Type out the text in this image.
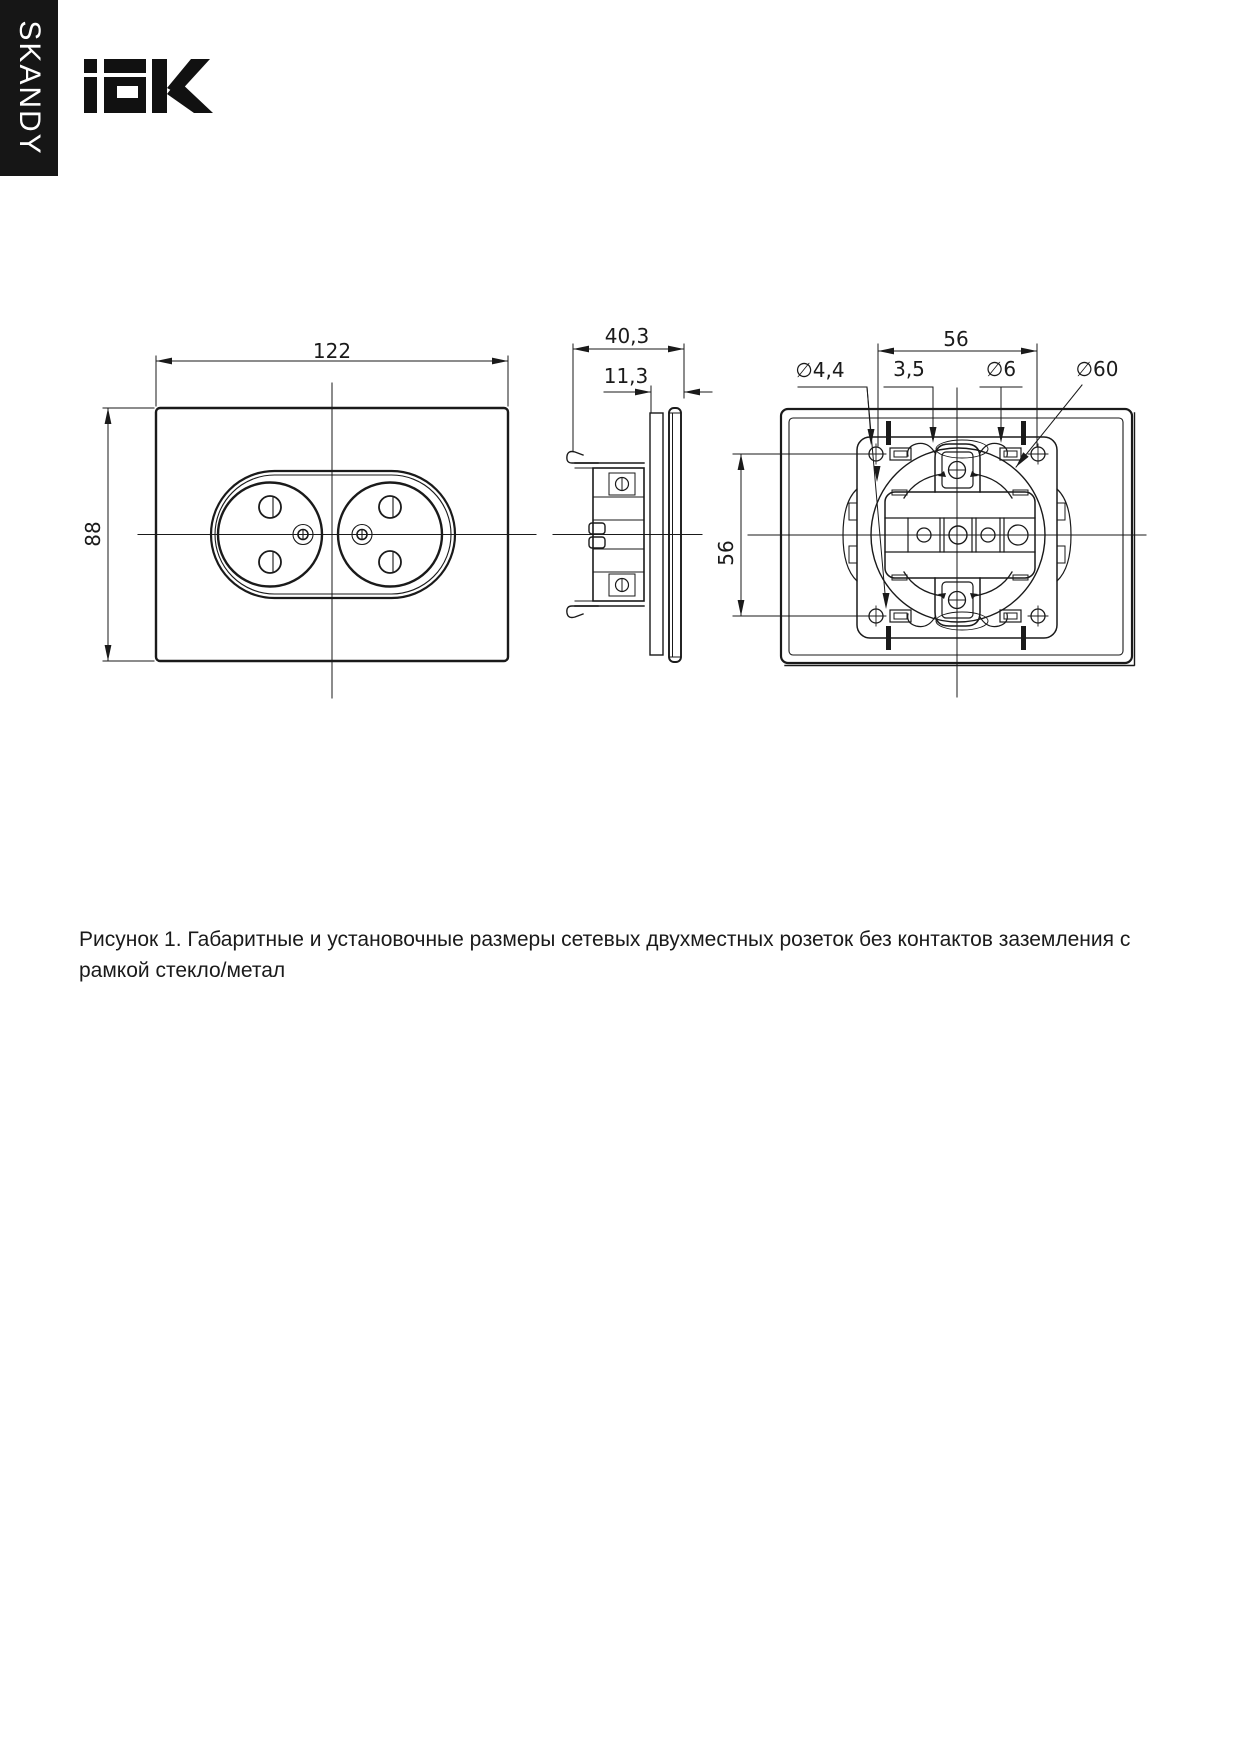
SKANDY
122
88
40,3
11,3
56
56
∅4,4	3,5	∅6	∅60
Рисунок 1. Габаритные и установочные размеры сетевых двухместных розеток без контактов заземления с
рамкой стекло/метал
